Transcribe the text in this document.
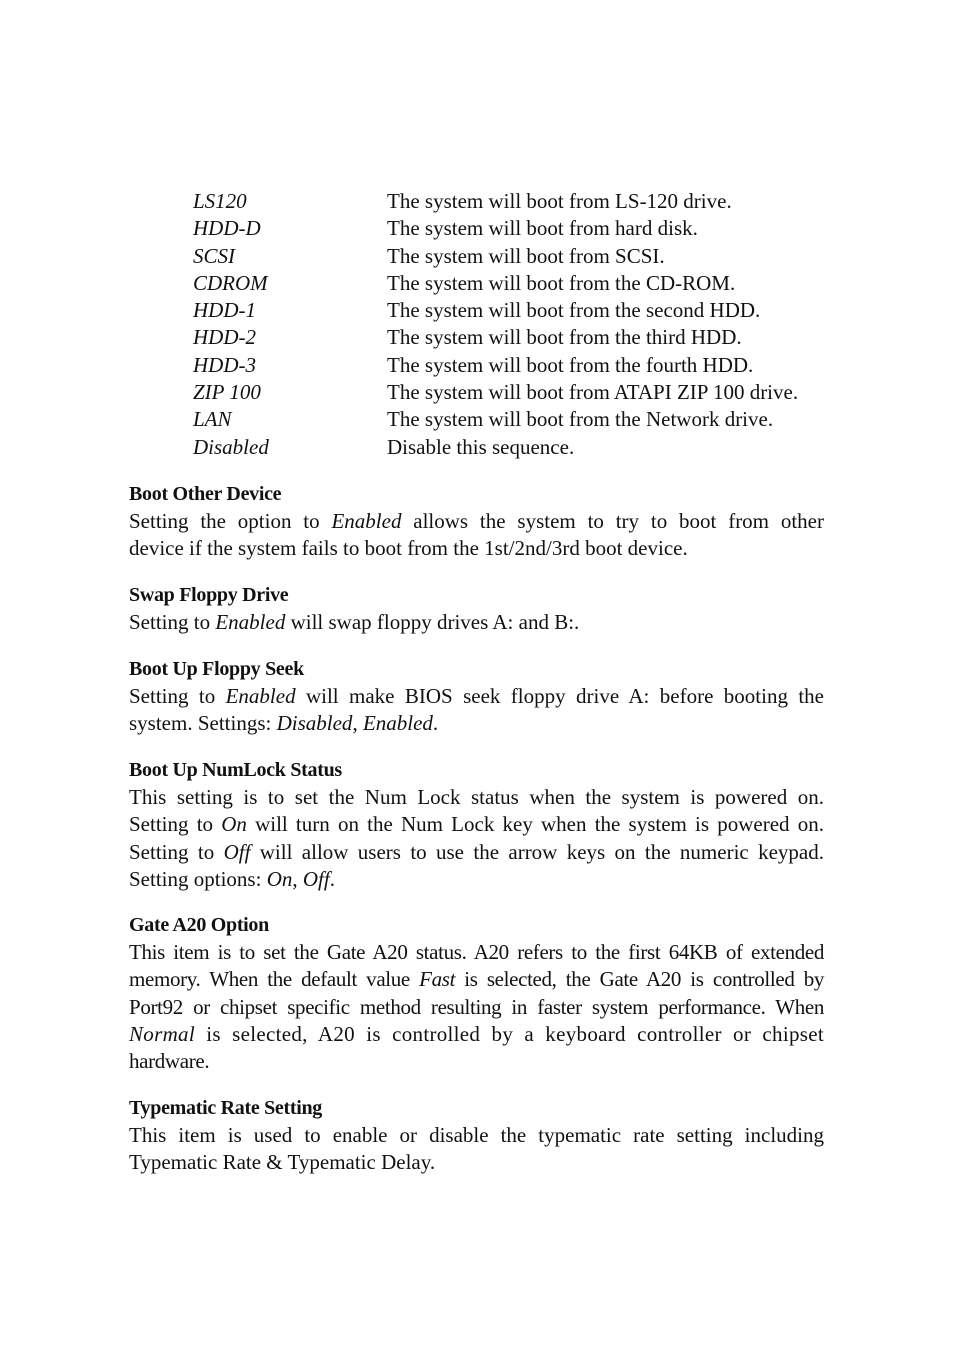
LS120	The system will boot from LS-120 drive.
HDD-D	The system will boot from hard disk.
SCSI	The system will boot from SCSI.
CDROM	The system will boot from the CD-ROM.
HDD-1	The system will boot from the second HDD.
HDD-2	The system will boot from the third HDD.
HDD-3	The system will boot from the fourth HDD.
ZIP 100	The system will boot from ATAPI ZIP 100 drive.
LAN	The system will boot from the Network drive.
Disabled	Disable this sequence.
Boot Other Device
Setting the option to Enabled allows the system to try to boot from other
device if the system fails to boot from the 1st/2nd/3rd boot device.
Swap Floppy Drive
Setting to Enabled will swap floppy drives A: and B:.
Boot Up Floppy Seek
Setting to Enabled will make BIOS seek floppy drive A: before booting the
system. Settings: Disabled, Enabled.
Boot Up NumLock Status
This setting is to set the Num Lock status when the system is powered on.
Setting to On will turn on the Num Lock key when the system is powered on.
Setting to Off will allow users to use the arrow keys on the numeric keypad.
Setting options: On, Off.
Gate A20 Option
This item is to set the Gate A20 status. A20 refers to the first 64KB of extended
memory. When the default value Fast is selected, the Gate A20 is controlled by
Port92 or chipset specific method resulting in faster system performance. When
Normal is selected, A20 is controlled by a keyboard controller or chipset
hardware.
Typematic Rate Setting
This item is used to enable or disable the typematic rate setting including
Typematic Rate & Typematic Delay.
